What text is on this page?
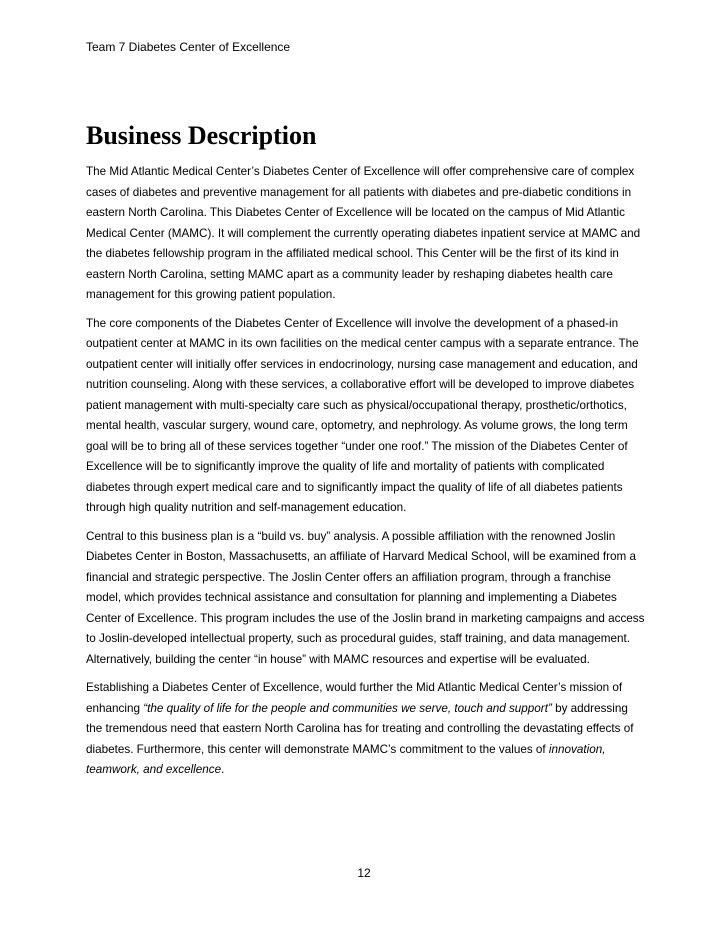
Team 7 Diabetes Center of Excellence
Business Description

The Mid Atlantic Medical Center’s Diabetes Center of Excellence will offer comprehensive care of complex cases of diabetes and preventive management for all patients with diabetes and pre-diabetic conditions in eastern North Carolina. This Diabetes Center of Excellence will be located on the campus of Mid Atlantic Medical Center (MAMC). It will complement the currently operating diabetes inpatient service at MAMC and the diabetes fellowship program in the affiliated medical school. This Center will be the first of its kind in eastern North Carolina, setting MAMC apart as a community leader by reshaping diabetes health care management for this growing patient population.

The core components of the Diabetes Center of Excellence will involve the development of a phased-in outpatient center at MAMC in its own facilities on the medical center campus with a separate entrance. The outpatient center will initially offer services in endocrinology, nursing case management and education, and nutrition counseling. Along with these services, a collaborative effort will be developed to improve diabetes patient management with multi-specialty care such as physical/occupational therapy, prosthetic/orthotics, mental health, vascular surgery, wound care, optometry, and nephrology. As volume grows, the long term goal will be to bring all of these services together “under one roof.” The mission of the Diabetes Center of Excellence will be to significantly improve the quality of life and mortality of patients with complicated diabetes through expert medical care and to significantly impact the quality of life of all diabetes patients through high quality nutrition and self-management education.

Central to this business plan is a “build vs. buy” analysis. A possible affiliation with the renowned Joslin Diabetes Center in Boston, Massachusetts, an affiliate of Harvard Medical School, will be examined from a financial and strategic perspective. The Joslin Center offers an affiliation program, through a franchise model, which provides technical assistance and consultation for planning and implementing a Diabetes Center of Excellence. This program includes the use of the Joslin brand in marketing campaigns and access to Joslin-developed intellectual property, such as procedural guides, staff training, and data management. Alternatively, building the center “in house” with MAMC resources and expertise will be evaluated.

Establishing a Diabetes Center of Excellence, would further the Mid Atlantic Medical Center’s mission of enhancing “the quality of life for the people and communities we serve, touch and support” by addressing the tremendous need that eastern North Carolina has for treating and controlling the devastating effects of diabetes. Furthermore, this center will demonstrate MAMC’s commitment to the values of innovation, teamwork, and excellence.

12
